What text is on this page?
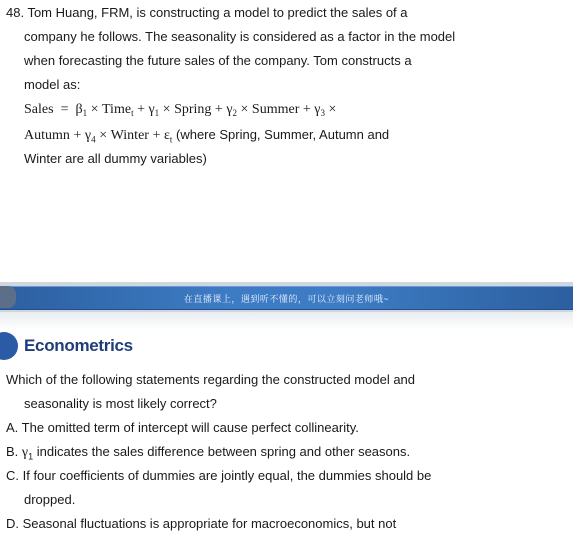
48. Tom Huang, FRM, is constructing a model to predict the sales of a
company he follows. The seasonality is considered as a factor in the model
when forecasting the future sales of the company. Tom constructs a
model as:
Sales = $\beta_1$ × Time$_t$ + $\gamma_1$ × Spring + $\gamma_2$ × Summer + $\gamma_3$ ×
Autumn + $\gamma_4$ × Winter + $\varepsilon_t$ (where Spring, Summer, Autumn and
Winter are all dummy variables)
在直播课上，遇到听不懂的，可以立刻问老师哦~
Econometrics
Which of the following statements regarding the constructed model and
seasonality is most likely correct?
A. The omitted term of intercept will cause perfect collinearity.
B. $\gamma_1$ indicates the sales difference between spring and other seasons.
C. If four coefficients of dummies are jointly equal, the dummies should be
dropped.
D. Seasonal fluctuations is appropriate for macroeconomics, but not
